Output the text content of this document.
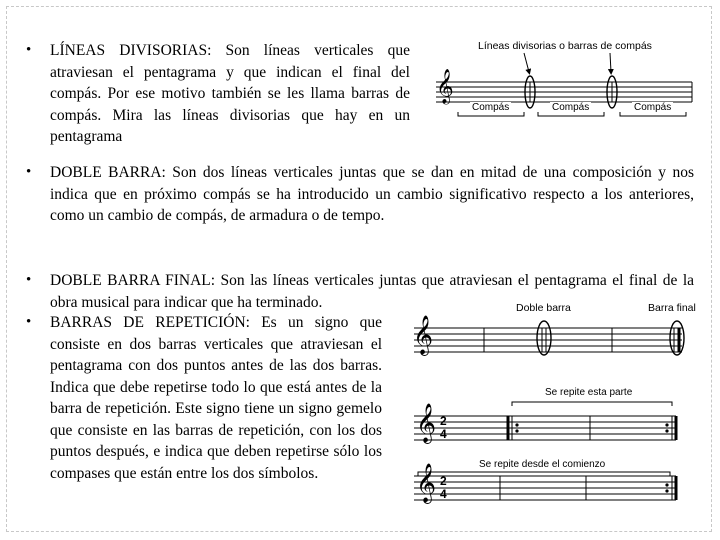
• LÍNEAS DIVISORIAS: Son líneas verticales que atraviesan el pentagrama y que indican el final del compás. Por ese motivo también se les llama barras de compás. Mira las líneas divisorias que hay en un pentagrama

• DOBLE BARRA: Son dos líneas verticales juntas que se dan en mitad de una composición y nos indica que en próximo compás se ha introducido un cambio significativo respecto a los anteriores, como un cambio de compás, de armadura o de tempo.

• DOBLE BARRA FINAL: Son las líneas verticales juntas que atraviesan el pentagrama el final de la obra musical para indicar que ha terminado.

• BARRAS DE REPETICIÓN: Es un signo que consiste en dos barras verticales que atraviesan el pentagrama con dos puntos antes de las dos barras. Indica que debe repetirse todo lo que está antes de la barra de repetición. Este signo tiene un signo gemelo que consiste en las barras de repetición, con los dos puntos después, e indica que deben repetirse sólo los compases que están entre los dos símbolos.

𝄞
𝄞
𝄞
𝄞
2
4
2
4
Líneas divisorias o barras de compás
Compás	Compás	Compás
Doble barra	Barra final
Se repite esta parte
Se repite desde el comienzo
